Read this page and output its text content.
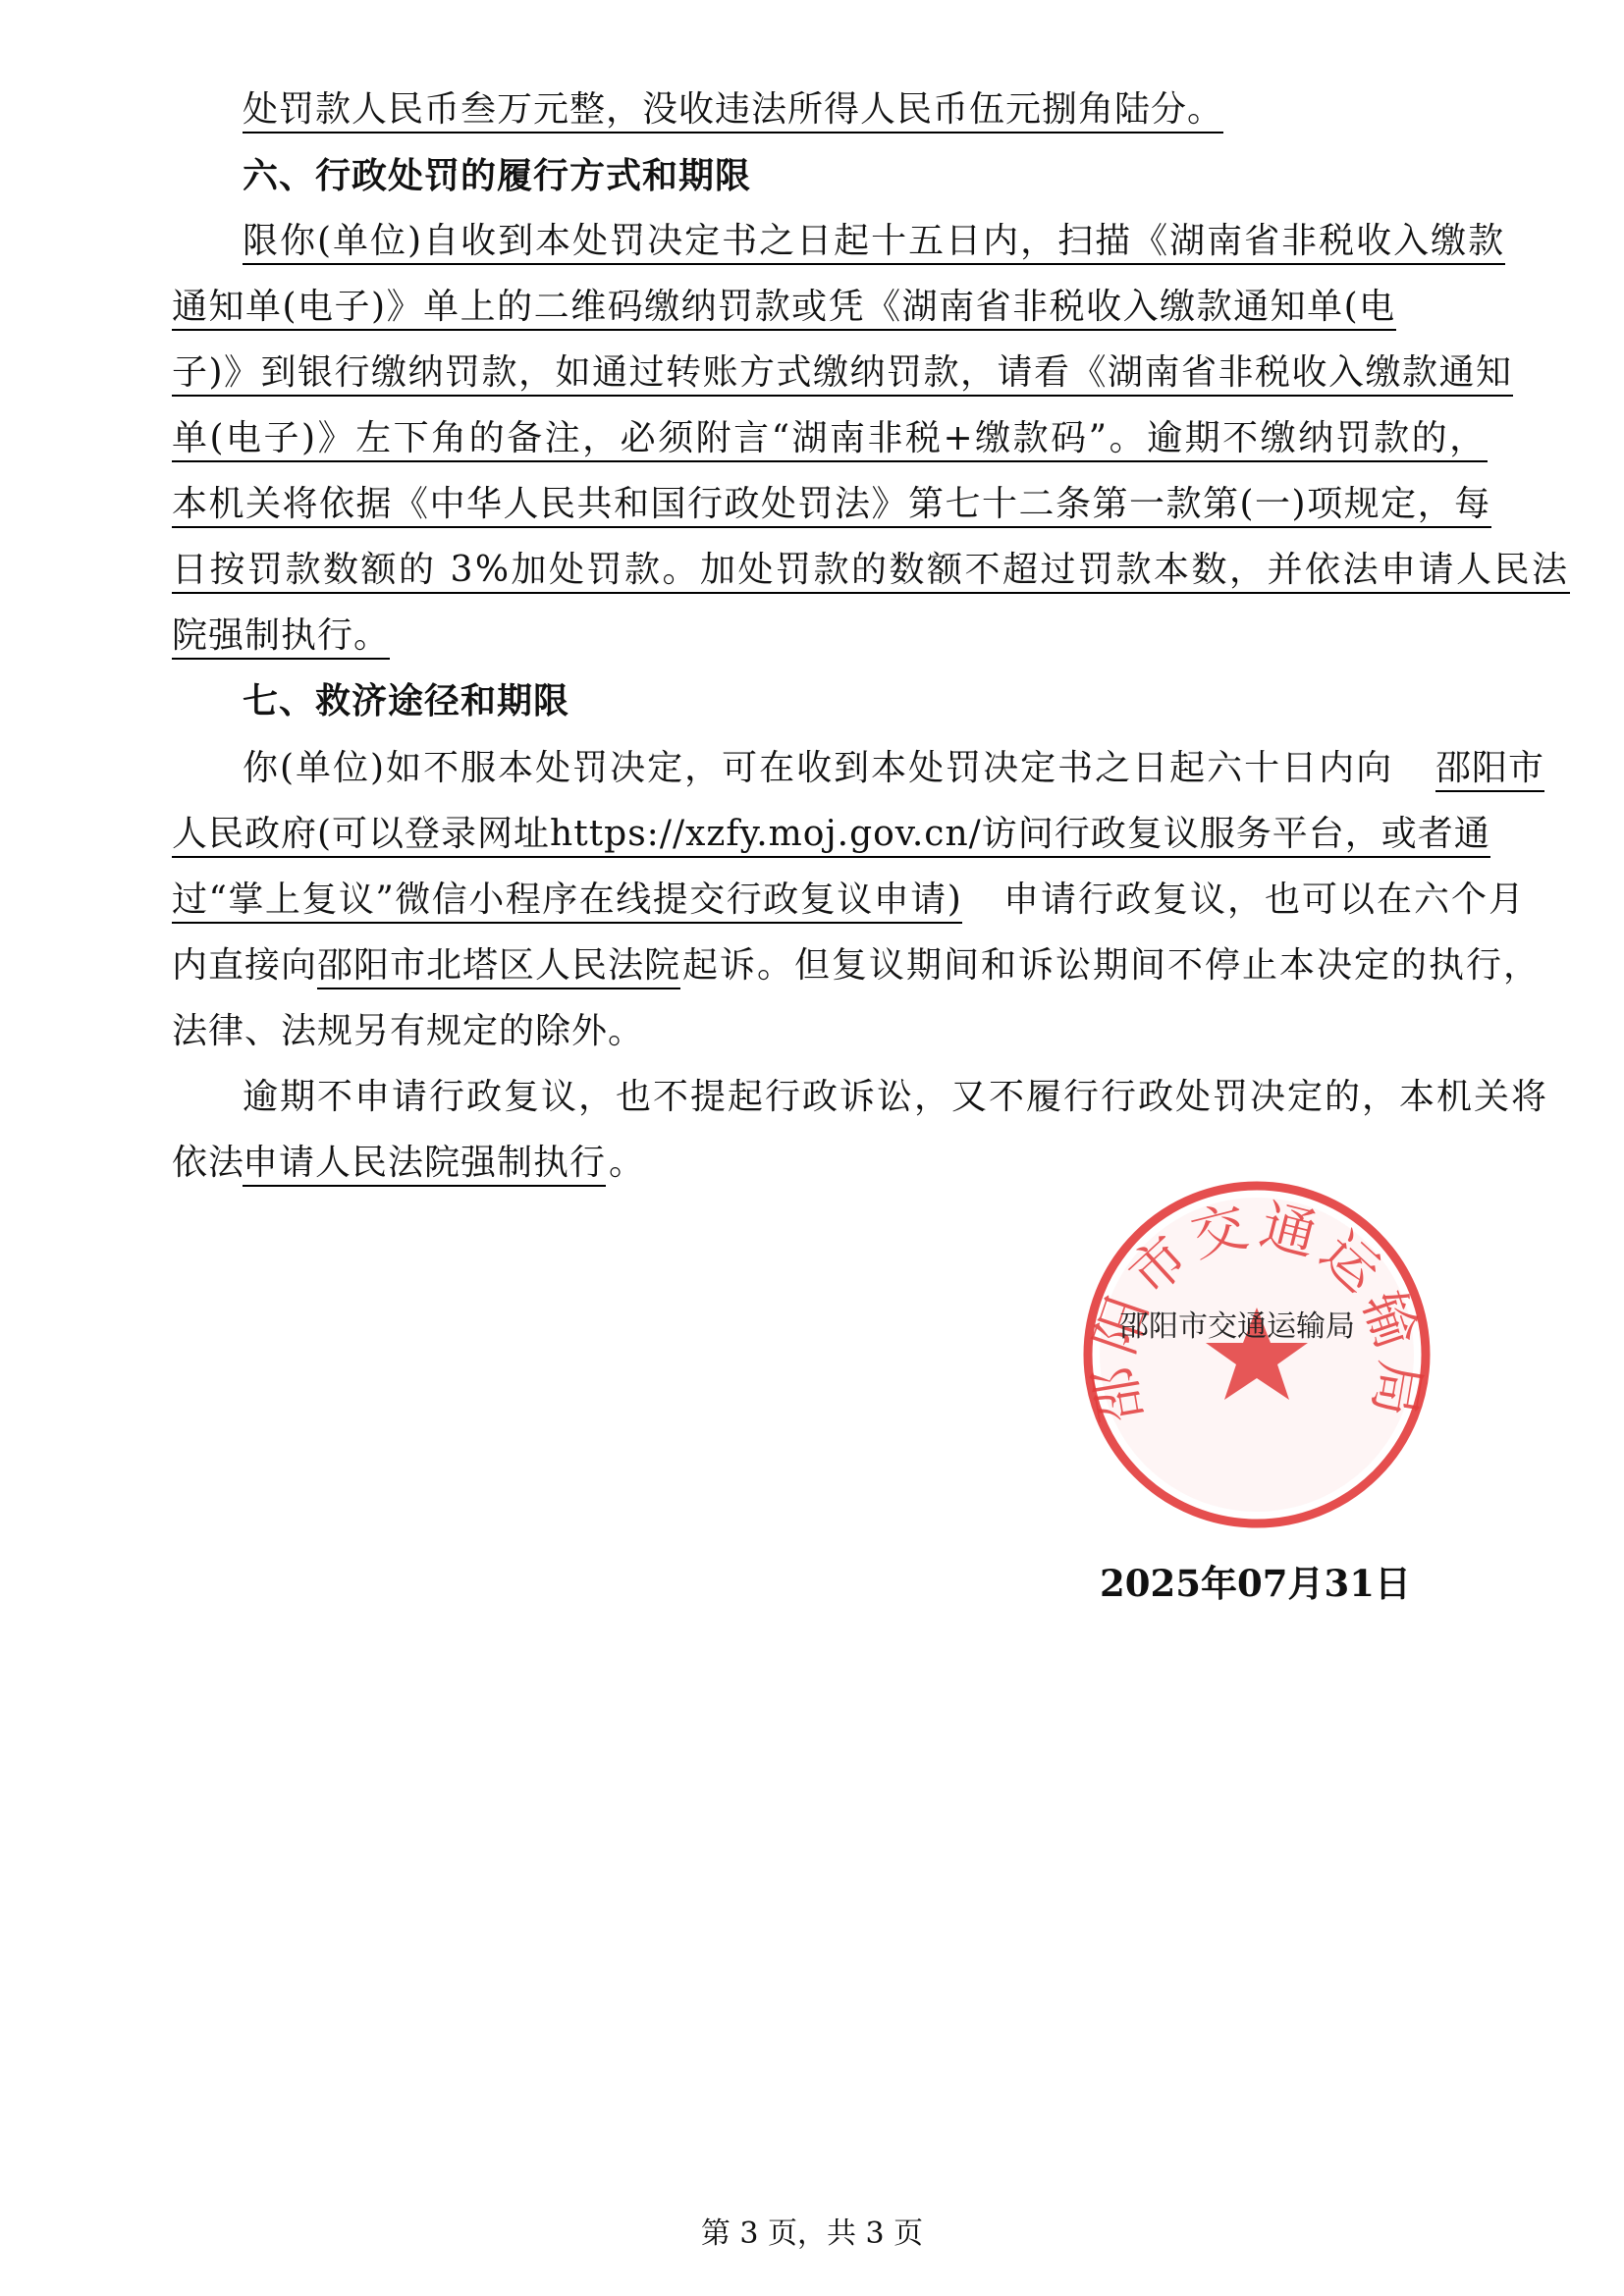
处罚款人民币叁万元整，没收违法所得人民币伍元捌角陆分。
六、行政处罚的履行方式和期限
限你(单位)自收到本处罚决定书之日起十五日内，扫描《湖南省非税收入缴款
通知单(电子)》单上的二维码缴纳罚款或凭《湖南省非税收入缴款通知单(电
子)》到银行缴纳罚款，如通过转账方式缴纳罚款，请看《湖南省非税收入缴款通知
单(电子)》左下角的备注，必须附言“湖南非税+缴款码”。逾期不缴纳罚款的，
本机关将依据《中华人民共和国行政处罚法》第七十二条第一款第(一)项规定，每
日按罚款数额的 3%加处罚款。加处罚款的数额不超过罚款本数，并依法申请人民法
院强制执行。
七、救济途径和期限
你(单位)如不服本处罚决定，可在收到本处罚决定书之日起六十日内向 邵阳市
人民政府(可以登录网址https://xzfy.moj.gov.cn/访问行政复议服务平台，或者通
过“掌上复议”微信小程序在线提交行政复议申请) 申请行政复议，也可以在六个月
内直接向 邵阳市北塔区人民法院 起诉。但复议期间和诉讼期间不停止本决定的执行，
法律、法规另有规定的除外。
逾期不申请行政复议，也不提起行政诉讼，又不履行行政处罚决定的，本机关将
依法
申请人民法院强制执行 。
邵阳市交通运输局
邵阳市交通运输局
2025年07月31日
第 3 页，共 3 页
